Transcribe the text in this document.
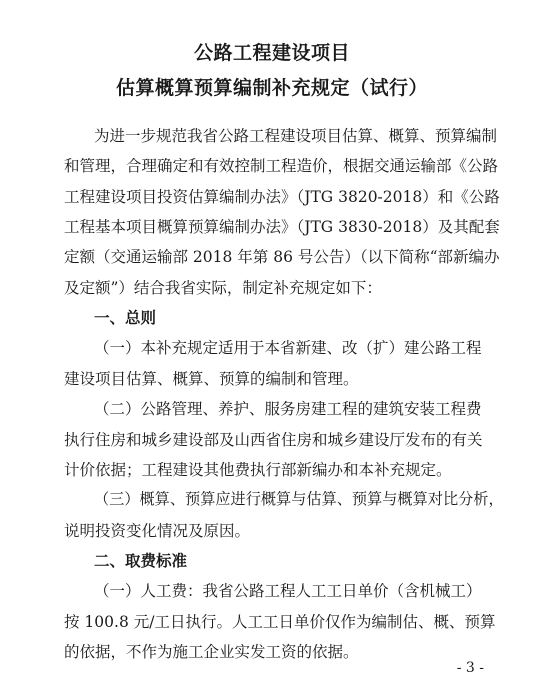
公路工程建设项目
估算概算预算编制补充规定（试行）
为进一步规范我省公路工程建设项目估算、概算、预算编制
和管理，合理确定和有效控制工程造价，根据交通运输部《公路
工程建设项目投资估算编制办法》（JTG 3820-2018）和《公路
工程基本项目概算预算编制办法》（JTG 3830-2018）及其配套
定额（交通运输部 2018 年第 86 号公告）（以下简称“部新编办
及定额”）结合我省实际，制定补充规定如下：
一、总则
（一）本补充规定适用于本省新建、改（扩）建公路工程
建设项目估算、概算、预算的编制和管理。
（二）公路管理、养护、服务房建工程的建筑安装工程费
执行住房和城乡建设部及山西省住房和城乡建设厅发布的有关
计价依据；工程建设其他费执行部新编办和本补充规定。
（三）概算、预算应进行概算与估算、预算与概算对比分析，
说明投资变化情况及原因。
二、取费标准
（一）人工费：我省公路工程人工工日单价（含机械工）
按 100.8 元/工日执行。人工工日单价仅作为编制估、概、预算
的依据，不作为施工企业实发工资的依据。
- 3 -
